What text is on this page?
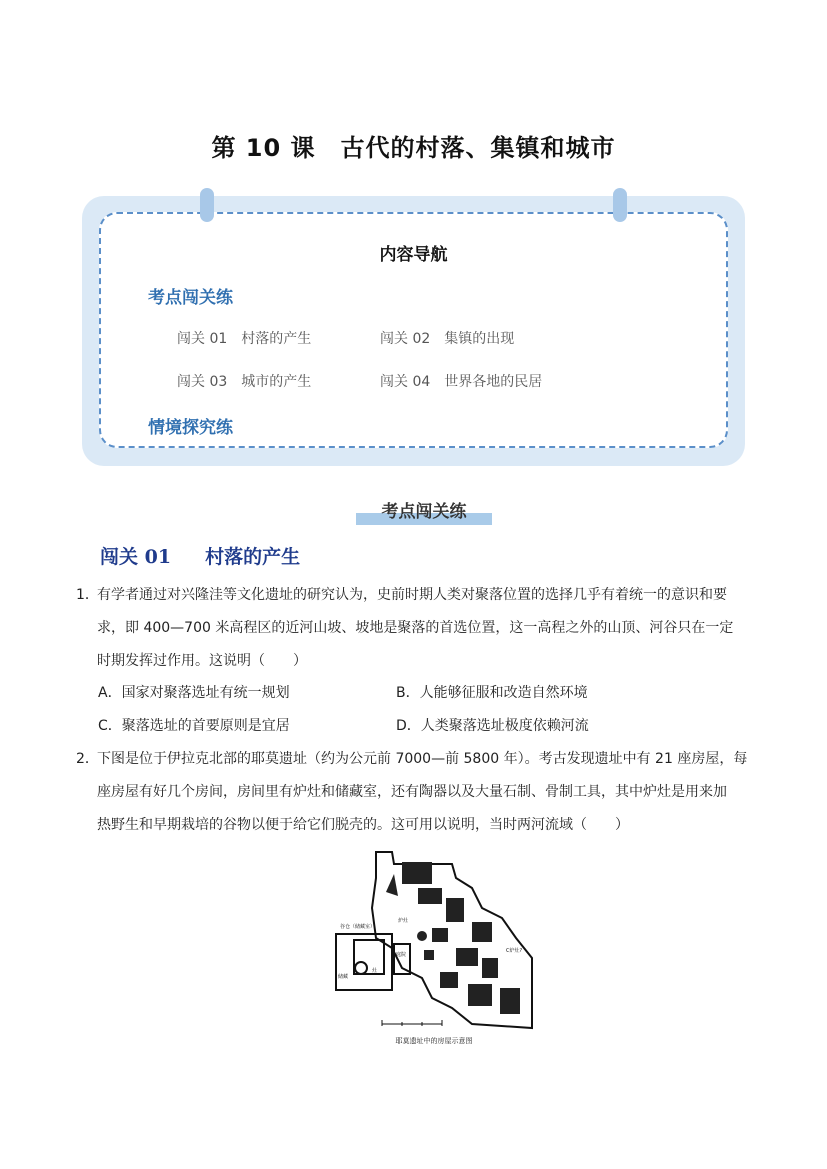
第 10 课　古代的村落、集镇和城市
内容导航
考点闯关练
闯关 01 村落的产生	闯关 02 集镇的出现
闯关 03 城市的产生	闯关 04 世界各地的民居
情境探究练
考点闯关练
闯关 01 村落的产生
1．
有学者通过对兴隆洼等文化遗址的研究认为，史前时期人类对聚落位置的选择几乎有着统一的意识和要
求，即 400—700 米高程区的近河山坡、坡地是聚落的首选位置，这一高程之外的山顶、河谷只在一定
时期发挥过作用。这说明（　　）
A．国家对聚落选址有统一规划	B．人能够征服和改造自然环境
C．聚落选址的首要原则是宜居	D．人类聚落选址极度依赖河流
2．
下图是位于伊拉克北部的耶莫遗址（约为公元前 7000—前 5800 年）。考古发现遗址中有 21 座房屋，每
座房屋有好几个房间，房间里有炉灶和储藏室，还有陶器以及大量石制、骨制工具，其中炉灶是用来加
热野生和早期栽培的谷物以便于给它们脱壳的。这可用以说明，当时两河流域（　　）
谷仓（储藏室）
炉灶
庭院
储藏
C炉灶?
灶
耶莫遗址中的房屋示意图
